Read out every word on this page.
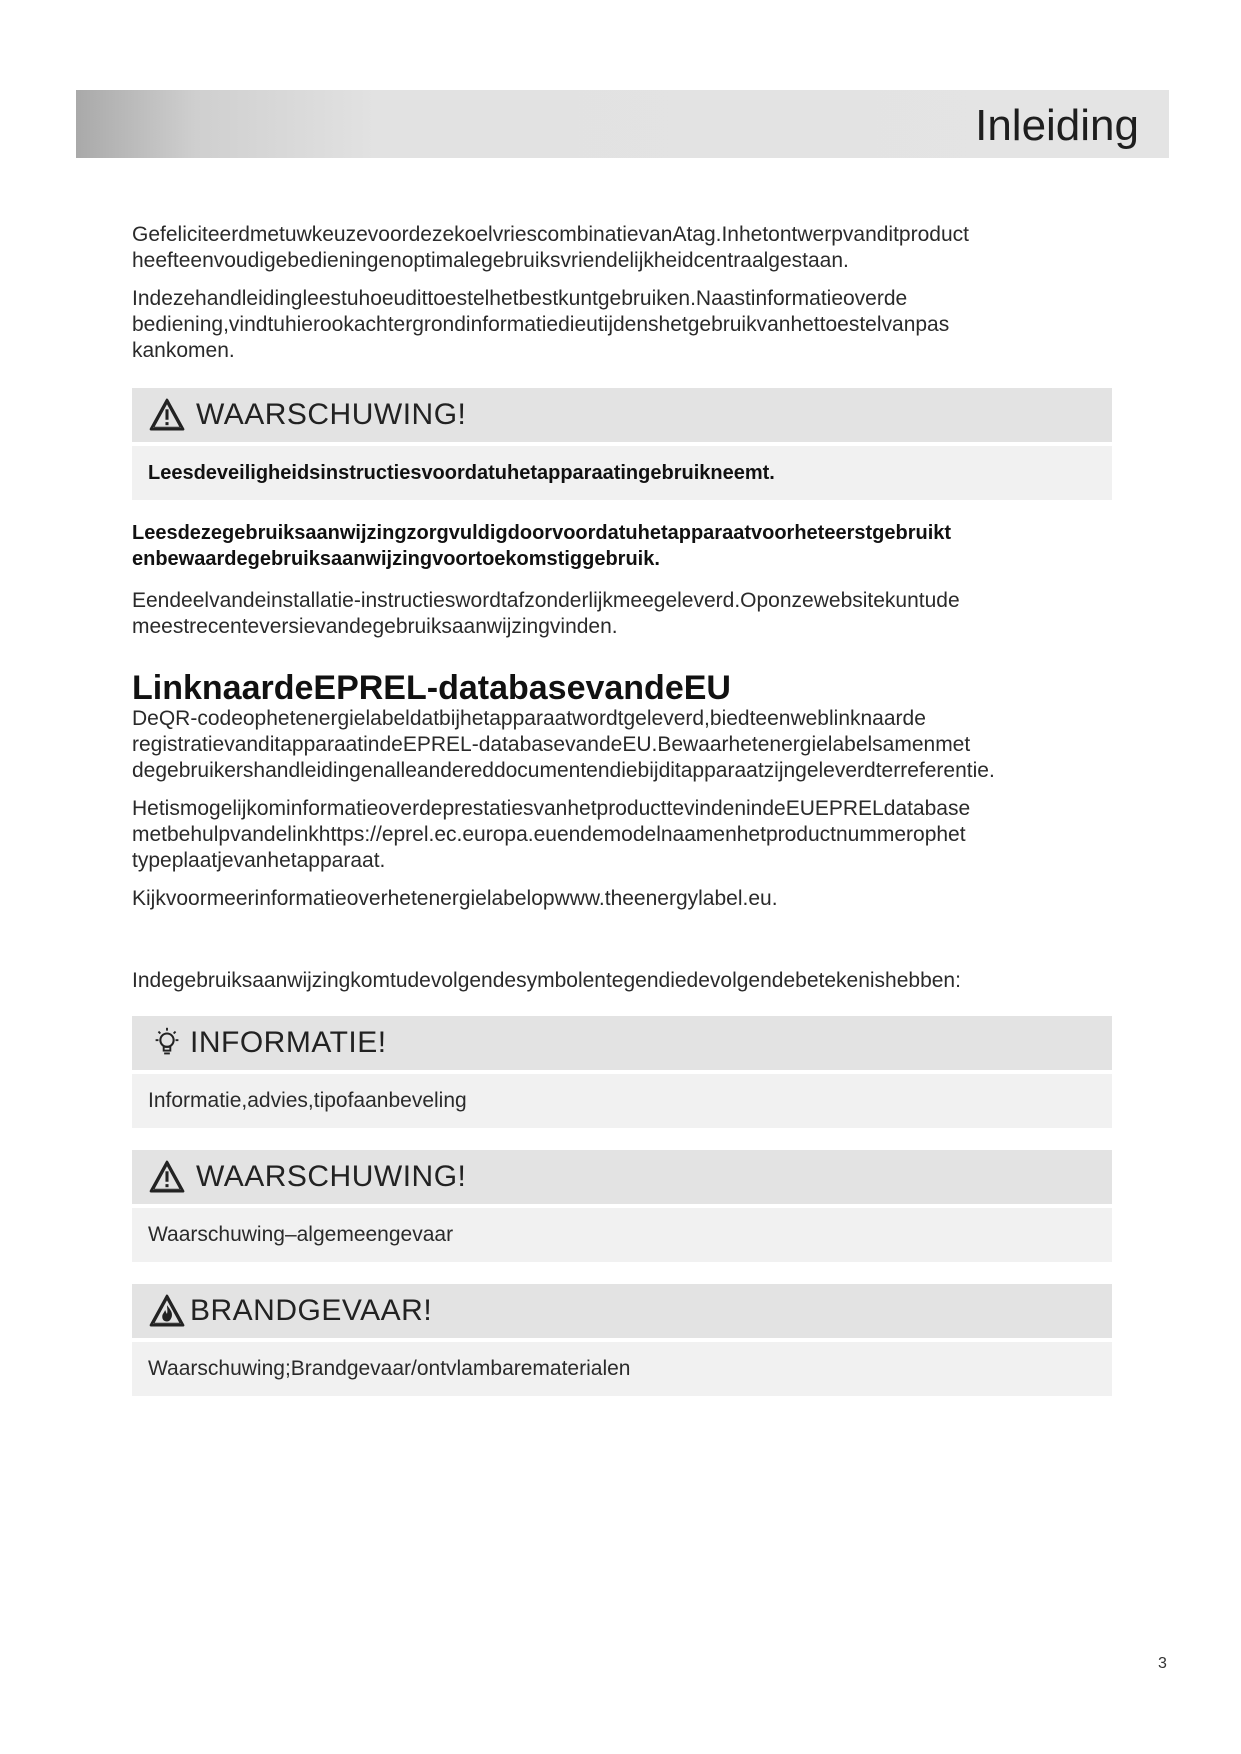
Inleiding

GefeliciteerdmetuwkeuzevoordezekoelvriescombinatievanAtag.Inhetontwerpvanditproduct
heefteenvoudigebedieningenoptimalegebruiksvriendelijkheidcentraalgestaan.

Indezehandleidingleestuhoeudittoestelhetbestkuntgebruiken.Naastinformatieoverde
bediening,vindtuhierookachtergrondinformatiedieutijdenshetgebruikvanhettoestelvanpas
kankomen.

WAARSCHUWING!
Leesdeveiligheidsinstructiesvoordatuhetapparaatingebruikneemt.

Leesdezegebruiksaanwijzingzorgvuldigdoorvoordatuhetapparaatvoorheteerstgebruikt
enbewaardegebruiksaanwijzingvoortoekomstiggebruik.

Eendeelvandeinstallatie-instructieswordtafzonderlijkmeegeleverd.Oponzewebsitekuntude
meestrecenteversievandegebruiksaanwijzingvinden.

LinknaardeEPREL-databasevandeEU

DeQR-codeophetenergielabeldatbijhetapparaatwordtgeleverd,biedteenweblinknaarde
registratievanditapparaatindeEPREL-databasevandeEU.Bewaarhetenergielabelsamenmet
degebruikershandleidingenalleandereddocumentendiebijditapparaatzijngeleverdterreferentie.

HetismogelijkominformatieoverdeprestatiesvanhetproducttevindenindeEUEPRELdatabase
metbehulpvandelinkhttps://eprel.ec.europa.euendemodelnaamenhetproductnummerophet
typeplaatjevanhetapparaat.

Kijkvoormeerinformatieoverhetenergielabelopwww.theenergylabel.eu.

Indegebruiksaanwijzingkomtudevolgendesymbolentegendiedevolgendebetekenishebben:

INFORMATIE!
Informatie,advies,tipofaanbeveling
WAARSCHUWING!
Waarschuwing–algemeengevaar
BRANDGEVAAR!
Waarschuwing;Brandgevaar/ontvlambarematerialen
3
